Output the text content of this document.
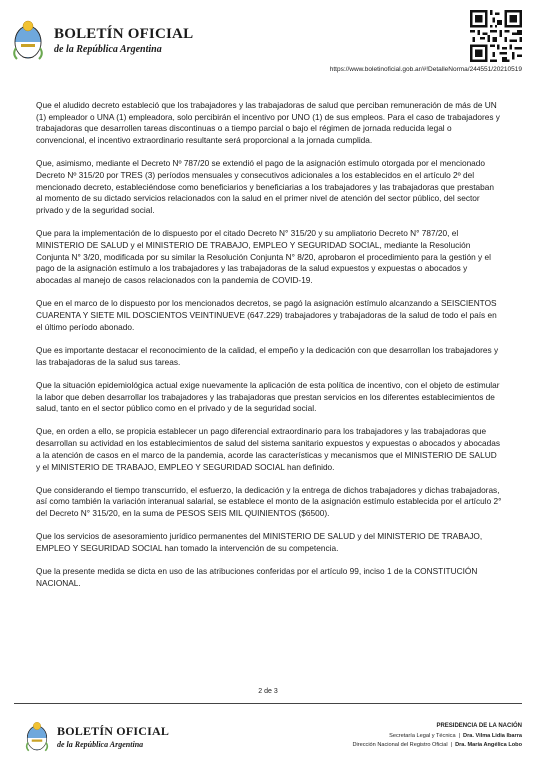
BOLETÍN OFICIAL
de la República Argentina
https://www.boletinoficial.gob.ar/#!DetalleNorma/244551/20210519

Que el aludido decreto estableció que los trabajadores y las trabajadoras de salud que perciban remuneración de más de UN (1) empleador o UNA (1) empleadora, solo percibirán el incentivo por UNO (1) de sus empleos. Para el caso de trabajadores y trabajadoras que desarrollen tareas discontinuas o a tiempo parcial o bajo el régimen de jornada reducida legal o convencional, el incentivo extraordinario resultante será proporcional a la jornada cumplida.

Que, asimismo, mediante el Decreto Nº 787/20 se extendió el pago de la asignación estímulo otorgada por el mencionado Decreto Nº 315/20 por TRES (3) períodos mensuales y consecutivos adicionales a los establecidos en el artículo 2º del mencionado decreto, estableciéndose como beneficiarios y beneficiarias a los trabajadores y las trabajadoras que prestaban al momento de su dictado servicios relacionados con la salud en el primer nivel de atención del sector público, del sector privado y de la seguridad social.

Que para la implementación de lo dispuesto por el citado Decreto N° 315/20 y su ampliatorio Decreto N° 787/20, el MINISTERIO DE SALUD y el MINISTERIO DE TRABAJO, EMPLEO Y SEGURIDAD SOCIAL, mediante la Resolución Conjunta N° 3/20, modificada por su similar la Resolución Conjunta N° 8/20, aprobaron el procedimiento para la gestión y el pago de la asignación estímulo a los trabajadores y las trabajadoras de la salud expuestos y expuestas o abocados y abocadas al manejo de casos relacionados con la pandemia de COVID-19.

Que en el marco de lo dispuesto por los mencionados decretos, se pagó la asignación estímulo alcanzando a SEISCIENTOS CUARENTA Y SIETE MIL DOSCIENTOS VEINTINUEVE (647.229) trabajadores y trabajadoras de la salud de todo el país en el último período abonado.

Que es importante destacar el reconocimiento de la calidad, el empeño y la dedicación con que desarrollan los trabajadores y las trabajadoras de la salud sus tareas.

Que la situación epidemiológica actual exige nuevamente la aplicación de esta política de incentivo, con el objeto de estimular la labor que deben desarrollar los trabajadores y las trabajadoras que prestan servicios en los diferentes establecimientos de salud, tanto en el sector público como en el privado y de la seguridad social.

Que, en orden a ello, se propicia establecer un pago diferencial extraordinario para los trabajadores y las trabajadoras que desarrollan su actividad en los establecimientos de salud del sistema sanitario expuestos y expuestas o abocados y abocadas a la atención de casos en el marco de la pandemia, acorde las características y mecanismos que el MINISTERIO DE SALUD y el MINISTERIO DE TRABAJO, EMPLEO Y SEGURIDAD SOCIAL han definido.

Que considerando el tiempo transcurrido, el esfuerzo, la dedicación y la entrega de dichos trabajadores y dichas trabajadoras, así como también la variación interanual salarial, se establece el monto de la asignación estímulo establecida por el artículo 2° del Decreto N° 315/20, en la suma de PESOS SEIS MIL QUINIENTOS ($6500).

Que los servicios de asesoramiento jurídico permanentes del MINISTERIO DE SALUD y del MINISTERIO DE TRABAJO, EMPLEO Y SEGURIDAD SOCIAL han tomado la intervención de su competencia.

Que la presente medida se dicta en uso de las atribuciones conferidas por el artículo 99, inciso 1 de la CONSTITUCIÓN NACIONAL.

2 de 3
BOLETÍN OFICIAL
de la República Argentina
PRESIDENCIA DE LA NACIÓN
Secretaría Legal y Técnica | Dra. Vilma Lidia Ibarra
Dirección Nacional del Registro Oficial | Dra. María Angélica Lobo
